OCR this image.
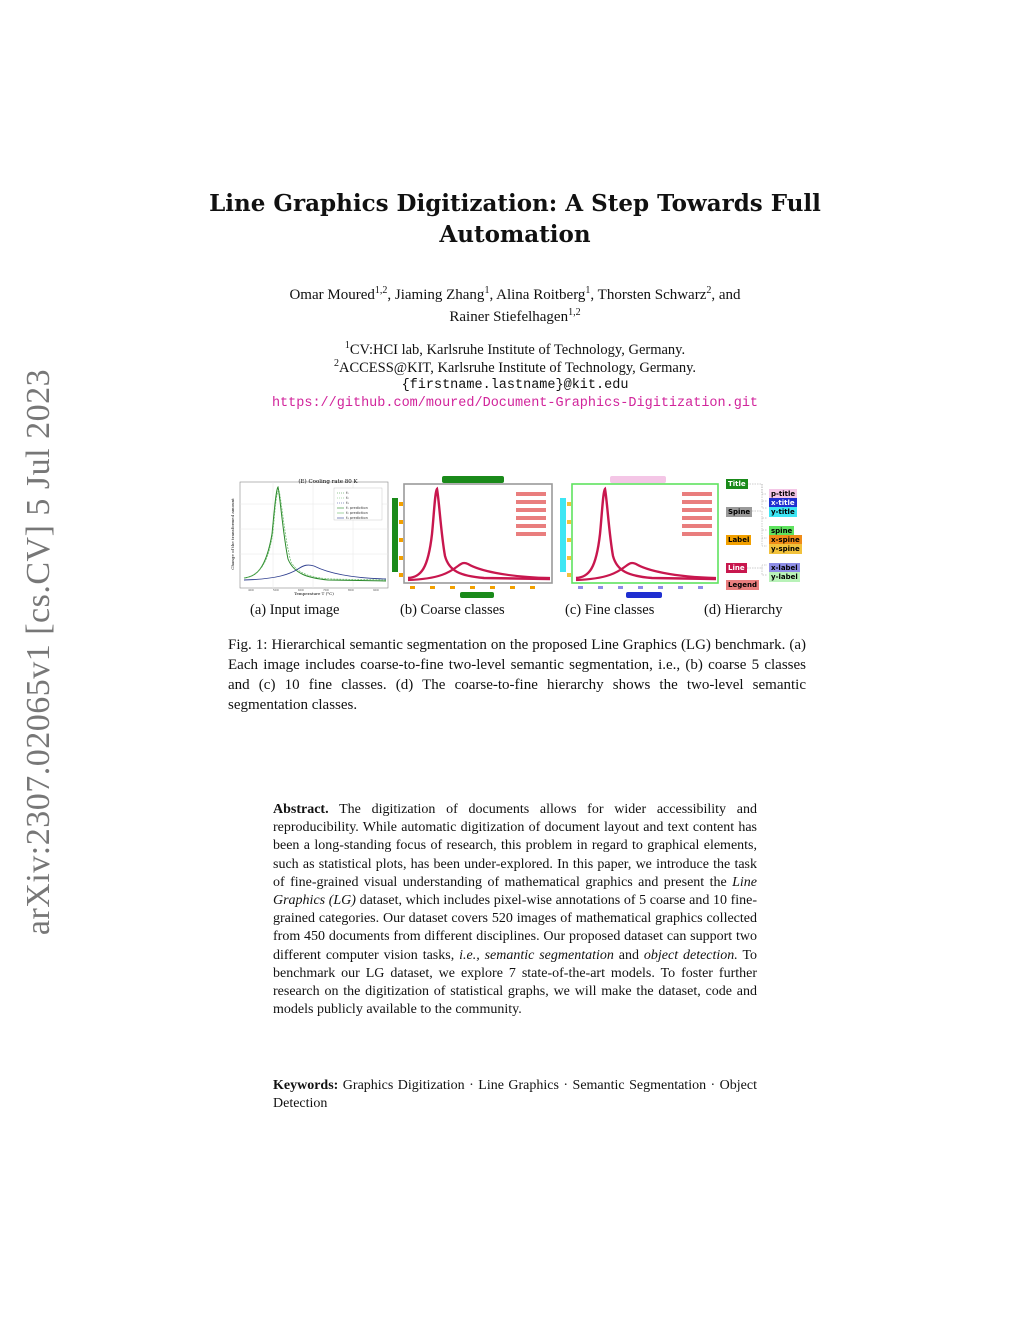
arXiv:2307.02065v1 [cs.CV] 5 Jul 2023
Line Graphics Digitization: A Step Towards Full Automation
Omar Moured$^{1,2}$, Jiaming Zhang$^1$, Alina Roitberg$^1$, Thorsten Schwarz$^2$, and
Rainer Stiefelhagen$^{1,2}$
$^1$CV:HCI lab, Karlsruhe Institute of Technology, Germany.
$^2$ACCESS@KIT, Karlsruhe Institute of Technology, Germany.
{firstname.lastname}@kit.edu
https://github.com/moured/Document-Graphics-Digitization.git
(E) Cooling rate 80 K
f₁
f₂
f₃
f₁ prediction
f₂ prediction
f₃ prediction
Temperature T (°C)
Change of the transformed amount
400	500	600	700	800	900
Title
Spine
Label
Line
Legend
p-title
x-title
y-title
spine
x-spine
y-spine
x-label
y-label
(a) Input image	(b) Coarse classes	(c) Fine classes	(d) Hierarchy
Fig. 1: Hierarchical semantic segmentation on the proposed Line Graphics (LG) benchmark. (a) Each image includes coarse-to-fine two-level semantic segmentation, i.e., (b) coarse 5 classes and (c) 10 fine classes. (d) The coarse-to-fine hierarchy shows the two-level semantic segmentation classes.
Abstract. The digitization of documents allows for wider accessibility and reproducibility. While automatic digitization of document layout and text content has been a long-standing focus of research, this problem in regard to graphical elements, such as statistical plots, has been under-explored. In this paper, we introduce the task of fine-grained visual understanding of mathematical graphics and present the Line Graphics (LG) dataset, which includes pixel-wise annotations of 5 coarse and 10 fine-grained categories. Our dataset covers 520 images of mathematical graphics collected from 450 documents from different disciplines. Our proposed dataset can support two different computer vision tasks, i.e., semantic segmentation and object detection. To benchmark our LG dataset, we explore 7 state-of-the-art models. To foster further research on the digitization of statistical graphs, we will make the dataset, code and models publicly available to the community.
Keywords: Graphics Digitization · Line Graphics · Semantic Segmentation · Object Detection
